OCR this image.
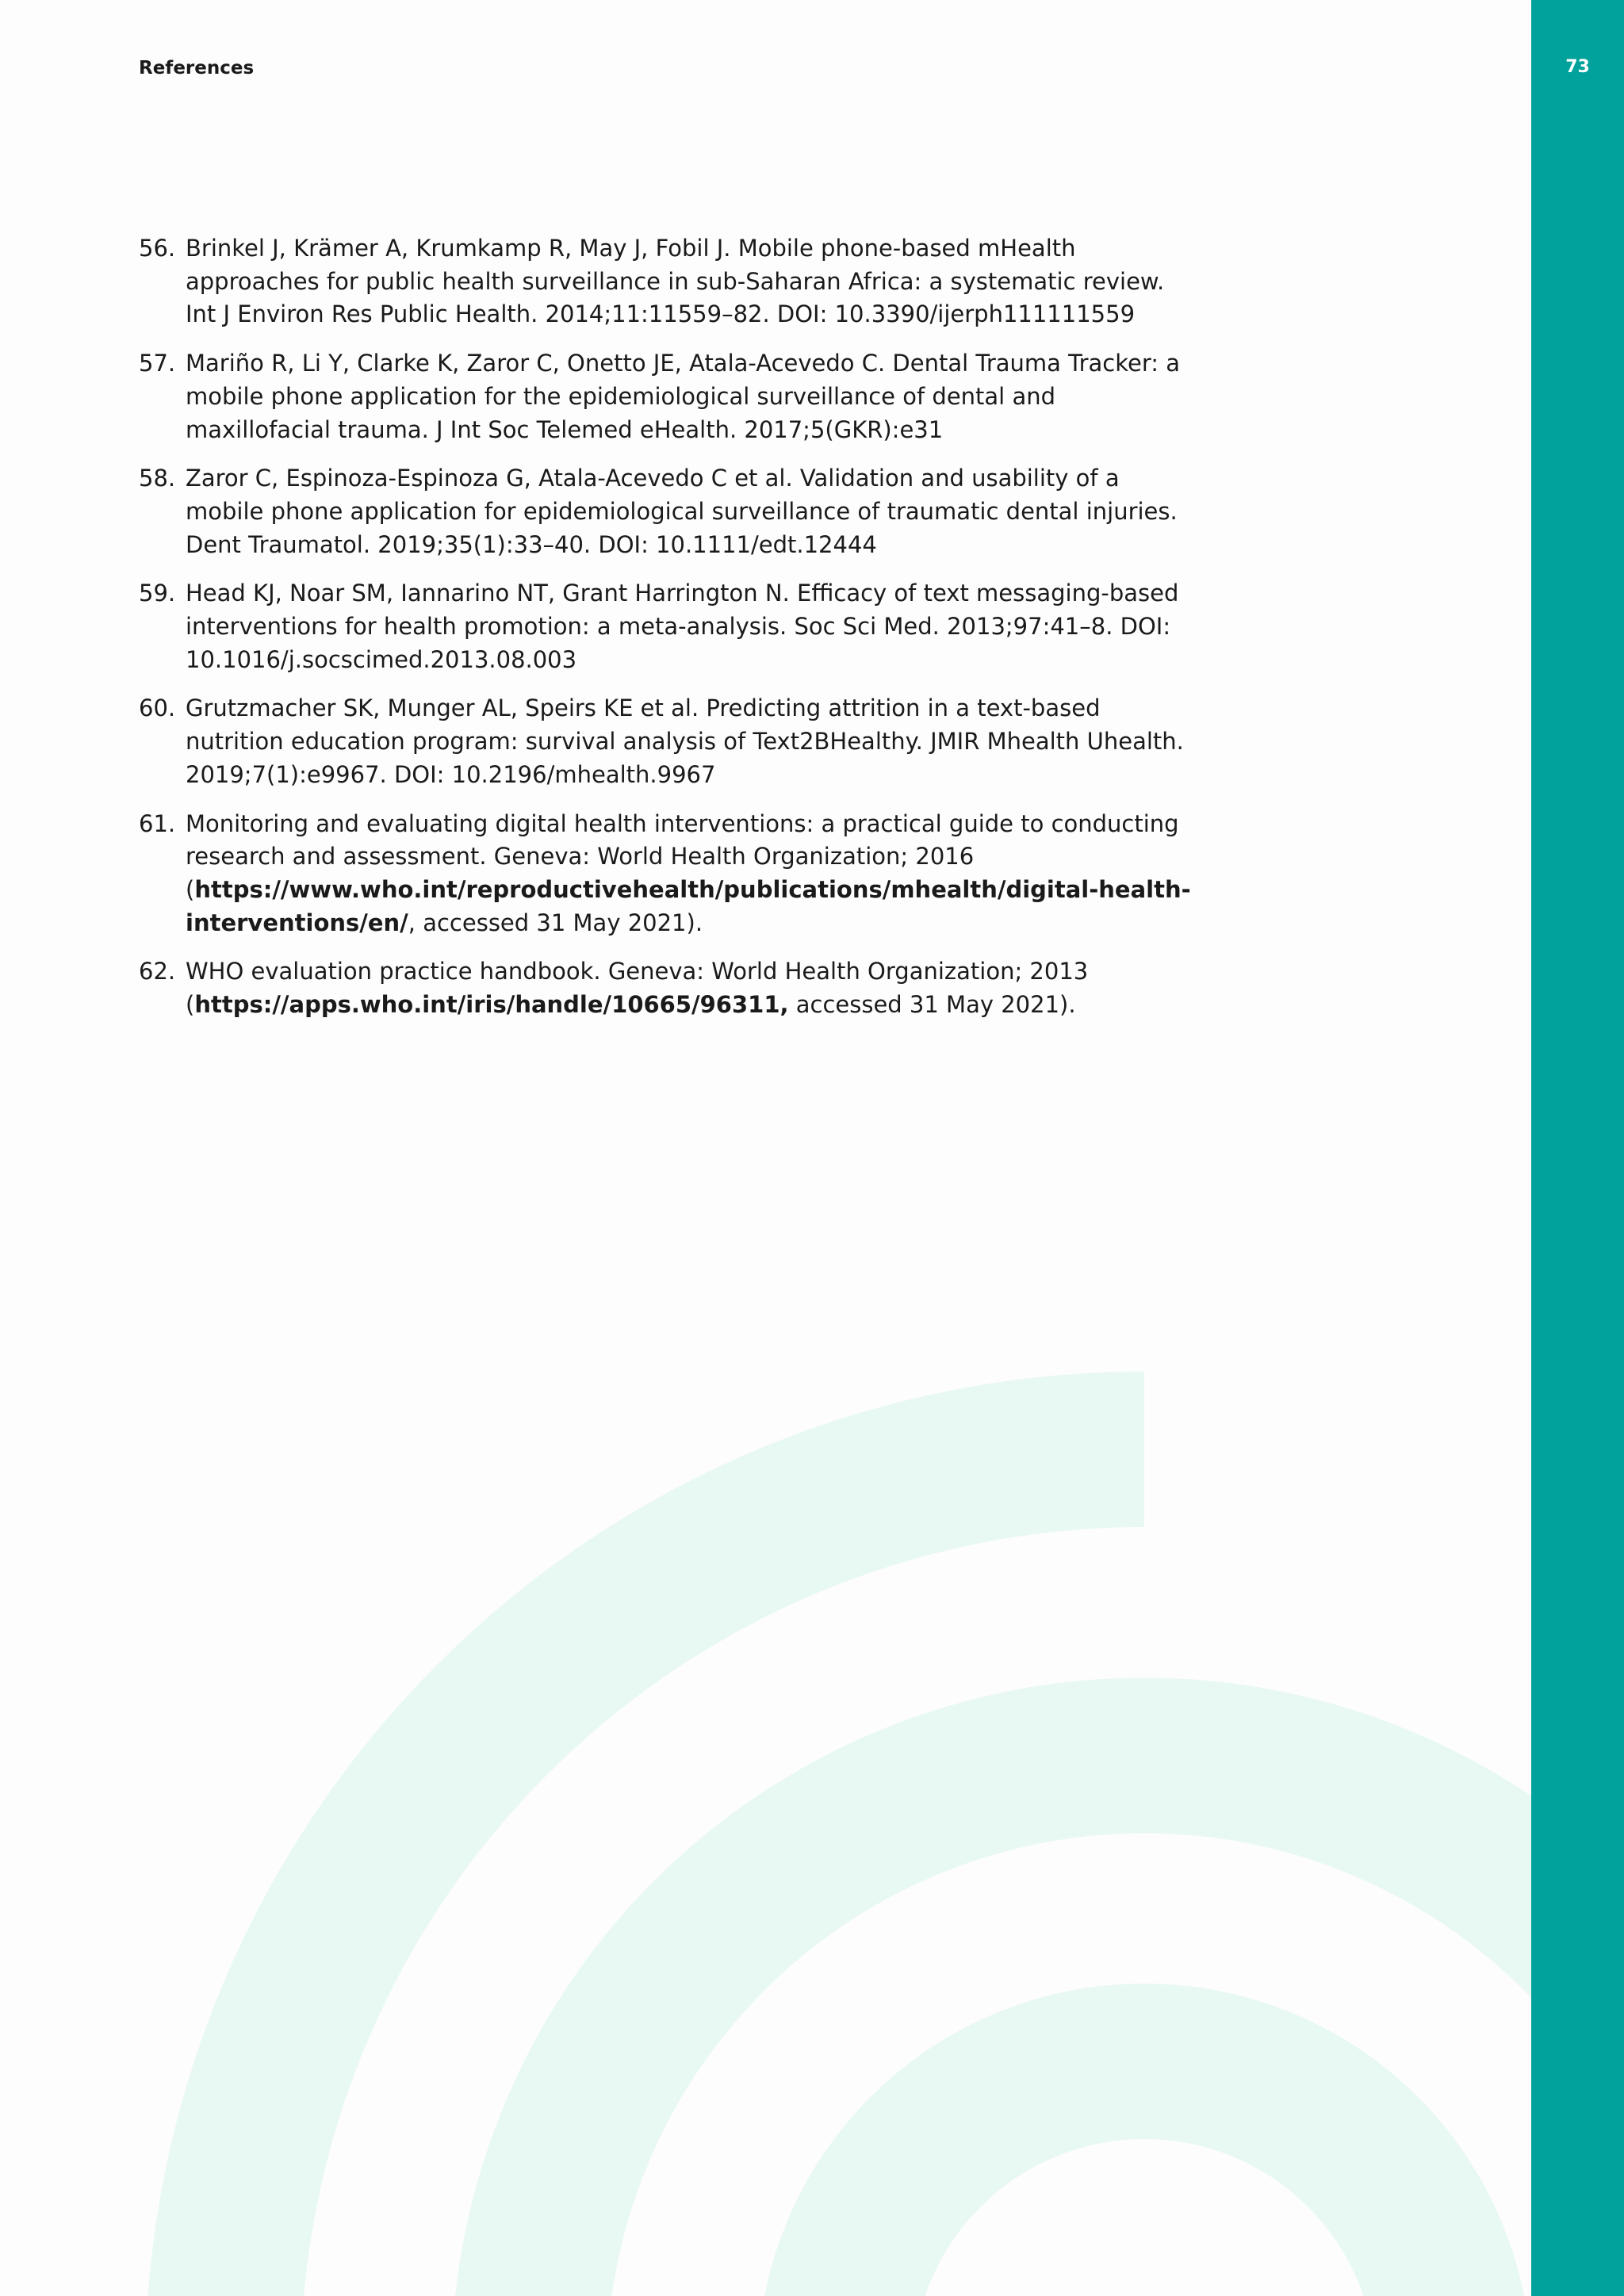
73
References
56. Brinkel J, Krämer A, Krumkamp R, May J, Fobil J. Mobile phone-based mHealth approaches for public health surveillance in sub-Saharan Africa: a systematic review. Int J Environ Res Public Health. 2014;11:11559–82. DOI: 10.3390/ijerph111111559
57. Mariño R, Li Y, Clarke K, Zaror C, Onetto JE, Atala-Acevedo C. Dental Trauma Tracker: a mobile phone application for the epidemiological surveillance of dental and maxillofacial trauma. J Int Soc Telemed eHealth. 2017;5(GKR):e31
58. Zaror C, Espinoza-Espinoza G, Atala-Acevedo C et al. Validation and usability of a mobile phone application for epidemiological surveillance of traumatic dental injuries. Dent Traumatol. 2019;35(1):33–40. DOI: 10.1111/edt.12444
59. Head KJ, Noar SM, Iannarino NT, Grant Harrington N. Efficacy of text messaging-based interventions for health promotion: a meta-analysis. Soc Sci Med. 2013;97:41–8. DOI: 10.1016/j.socscimed.2013.08.003
60. Grutzmacher SK, Munger AL, Speirs KE et al. Predicting attrition in a text-based nutrition education program: survival analysis of Text2BHealthy. JMIR Mhealth Uhealth. 2019;7(1):e9967. DOI: 10.2196/mhealth.9967
61. Monitoring and evaluating digital health interventions: a practical guide to conducting research and assessment. Geneva: World Health Organization; 2016 (https://www.who.int/reproductivehealth/publications/mhealth/digital-health-interventions/en/, accessed 31 May 2021).
62. WHO evaluation practice handbook. Geneva: World Health Organization; 2013 (https://apps.who.int/iris/handle/10665/96311, accessed 31 May 2021).
